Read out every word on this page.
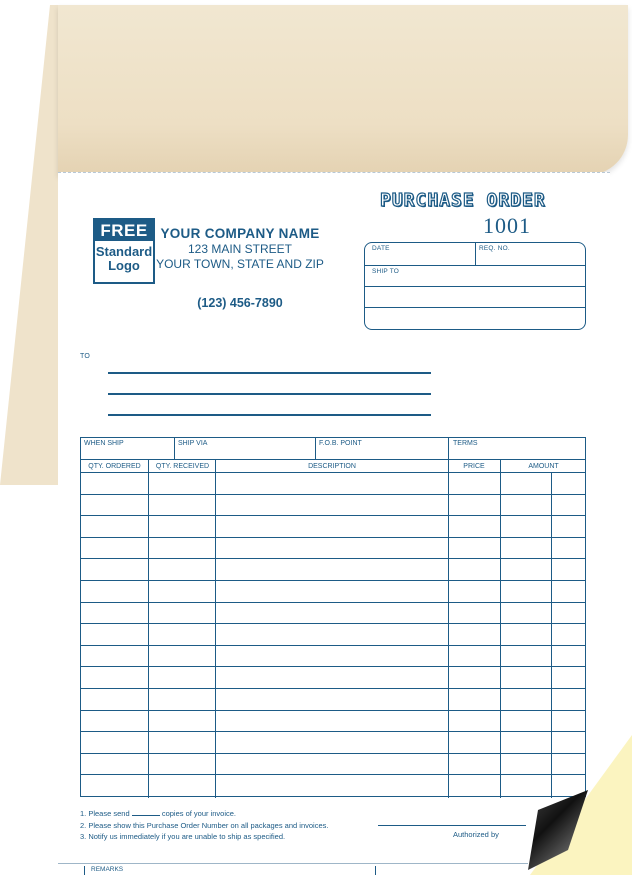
PURCHASE ORDER
1001
FREE
Standard
Logo
YOUR COMPANY NAME
123 MAIN STREET
YOUR TOWN, STATE AND ZIP
(123) 456-7890
DATE	REQ. NO.
SHIP TO
TO
WHEN SHIP	SHIP VIA	F.O.B. POINT	TERMS
QTY. ORDERED	QTY. RECEIVED	DESCRIPTION	PRICE	AMOUNT
1. Please send	copies of your invoice.
2. Please show this Purchase Order Number on all packages and invoices.
3. Notify us immediately if you are unable to ship as specified.	Authorized by
REMARKS
